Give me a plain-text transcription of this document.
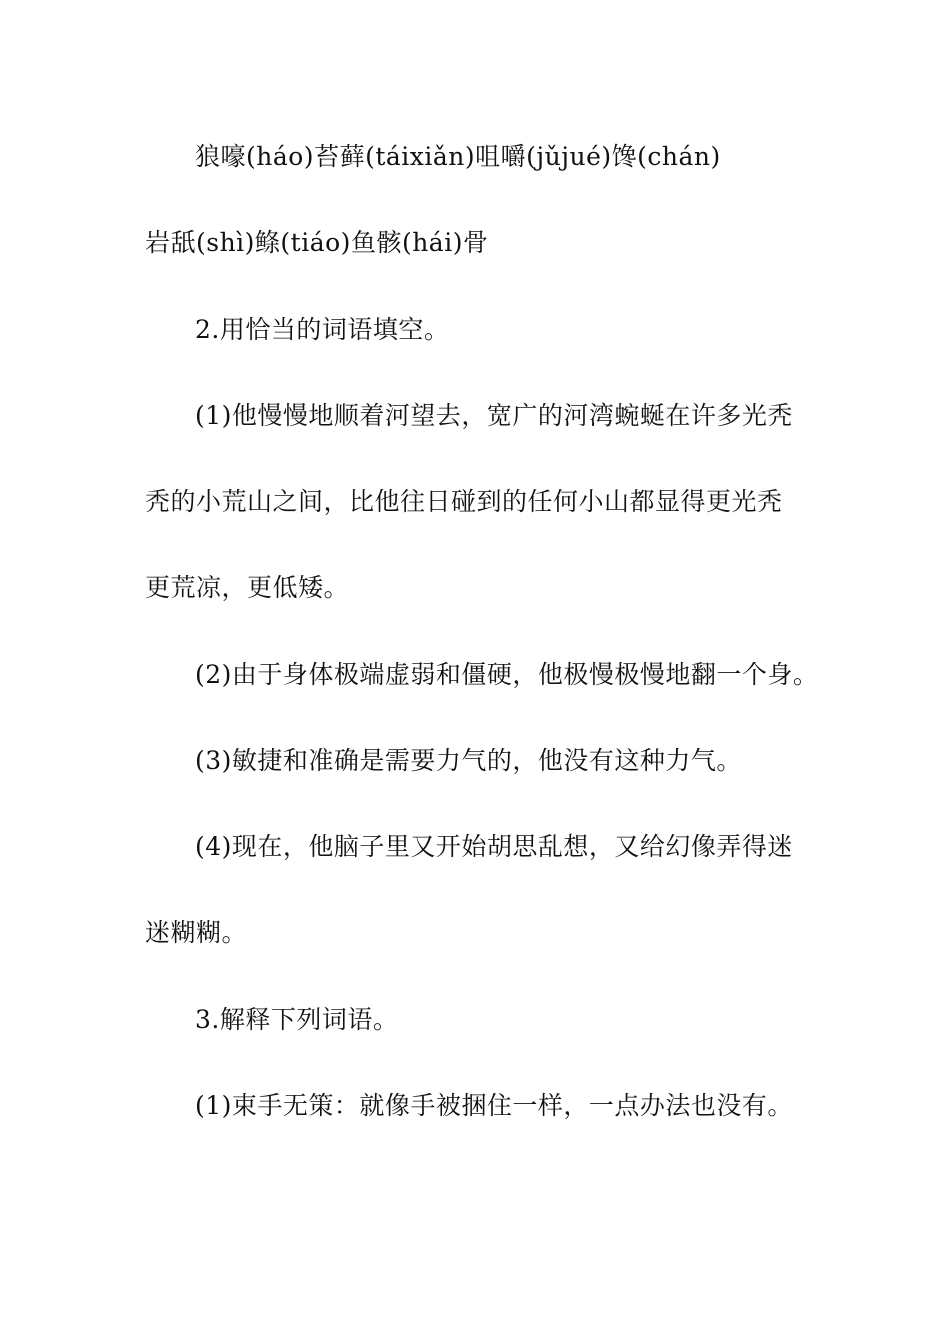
狼嚎(háo)苔藓(táixiǎn)咀嚼(jǔjué)馋(chán)
岩舐(shì)鲦(tiáo)鱼骸(hái)骨
2.用恰当的词语填空。
(1)他慢慢地顺着河望去，宽广的河湾蜿蜒在许多光秃
秃的小荒山之间，比他往日碰到的任何小山都显得更光秃
更荒凉，更低矮。
(2)由于身体极端虚弱和僵硬，他极慢极慢地翻一个身。
(3)敏捷和准确是需要力气的，他没有这种力气。
(4)现在，他脑子里又开始胡思乱想，又给幻像弄得迷
迷糊糊。
3.解释下列词语。
(1)束手无策：就像手被捆住一样，一点办法也没有。
